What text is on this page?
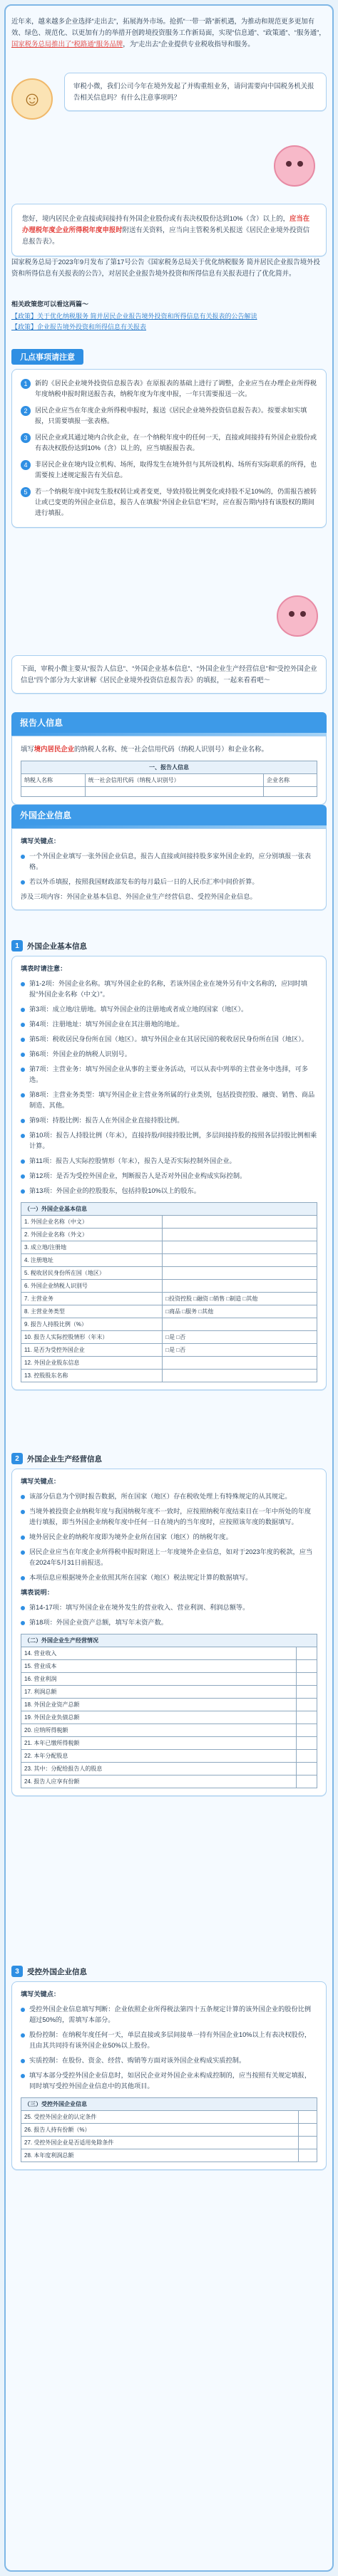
近年来，越来越多企业选择“走出去”，拓展海外市场。抢抓“一带一路”新机遇，为推动和规范更多更加有效、绿色、规范化、以更加有力的举措开创跨境投资服务工作新局面，实现“信息通”、“政策通”、“服务通”，国家税务总局推出了“税路通”服务品牌，为“走出去”企业提供专业税收指导和服务。
☺
审税小微，我们公司今年在境外发起了并购重组业务，请问需要向中国税务机关报告相关信息吗？有什么注意事项吗？
您好，境内居民企业直接或间接持有外国企业股份或有表决权股份达到10%（含）以上的，应当在办理税年度企业所得税年度申报时附送有关资料，应当向主管税务机关报送《居民企业境外投资信息报告表》。
国家税务总局于2023年9月发布了第17号公告《国家税务总局关于优化纳税服务 简并居民企业报告境外投资和所得信息有关报表的公告》，对居民企业报告境外投资和所得信息有关报表进行了优化简并。
相关政策您可以看这两篇～
【政策】关于优化纳税服务 简并居民企业报告境外投资和所得信息有关报表的公告解读
【政策】企业报告境外投资和所得信息有关报表
几点事项请注意
1	新的《居民企业境外投资信息报告表》在原报表的基础上进行了调整，企业应当在办理企业所得税年度纳税申报时附送报告表，纳税年度为年度申报，一年只需要报送一次。
2	居民企业应当在年度企业所得税申报时，报送《居民企业境外投资信息报告表》。按要求如实填报，只需要填报一张表格。
3	居民企业或其通过境内合伙企业，在一个纳税年度中的任何一天，直接或间接持有外国企业股份或有表决权股份达到10%（含）以上的，应当填报报告表。
4	非居民企业在境内设立机构、场所，取得发生在境外但与其所设机构、场所有实际联系的所得，也需要按上述规定报告有关信息。
5	若一个纳税年度中间发生股权转让或者变更，导致持股比例变化或持股不足10%的，仍需报告被转让或已变更的外国企业信息，报告人在填报“外国企业信息”栏时，应在报告期内持有该股权的期间进行填报。
下面，审税小微主要从“报告人信息”、“外国企业基本信息”、“外国企业生产经营信息”和“受控外国企业信息”四个部分为大家讲解《居民企业境外投资信息报告表》的填报，一起来看看吧～
报告人信息
填写境内居民企业的纳税人名称、统一社会信用代码（纳税人识别号）和企业名称。
一、报告人信息		
纳税人名称	统一社会信用代码（纳税人识别号）	企业名称

外国企业信息
填写关键点：
一个外国企业填写一张外国企业信息，报告人直接或间接持股多家外国企业的，应分别填报一张表格。
若以外币填报，按照我国财政部发布的每月最后一日的人民币汇率中间价折算。
涉及三项内容：外国企业基本信息、外国企业生产经营信息、受控外国企业信息。
1	外国企业基本信息
填表时请注意：
第1-2项：外国企业名称。填写外国企业的名称，若该外国企业在境外另有中文名称的，应同时填报“外国企业名称（中文）”。
第3项：成立地/注册地。填写外国企业的注册地或者成立地的国家（地区）。
第4项：注册地址：填写外国企业在其注册地的地址。
第5项：税收居民身份所在国（地区）。填写外国企业在其居民国的税收居民身份所在国（地区）。
第6项：外国企业的纳税人识别号。
第7项：主营业务：填写外国企业从事的主要业务活动，可以从表中列举的主营业务中选择，可多选。
第8项：主营业务类型：填写外国企业主营业务所属的行业类别，包括投资控股、融资、销售、商品制造、其他。
第9项：持股比例：报告人在外国企业直接持股比例。
第10项：报告人持股比例（年末），直接持股/间接持股比例，多层间接持股的按照各层持股比例相乘计算。
第11项：报告人实际控股情形（年末），报告人是否实际控制外国企业。
第12项：是否为受控外国企业，判断报告人是否对外国企业构成实际控制。
第13项：外国企业的控股股东，包括持股10%以上的股东。
（一）外国企业基本信息	
1. 外国企业名称（中文）	
2. 外国企业名称（外文）	
3. 成立地/注册地	
4. 注册地址	
5. 税收居民身份所在国（地区）	
6. 外国企业纳税人识别号	
7. 主营业务	□投资控股 □融资 □销售 □制造 □其他
8. 主营业务类型	□商品 □服务 □其他
9. 报告人持股比例（%）	
10. 报告人实际控股情形（年末）	□是 □否
11. 是否为受控外国企业	□是 □否
12. 外国企业股东信息	
13. 控股股东名称	
2	外国企业生产经营信息
填写关键点：
该部分信息为个别时报告数据，所在国家（地区）存在税收处理上有特殊规定的从其规定。
当境外被投资企业纳税年度与我国纳税年度不一致时，应按照纳税年度结束日在一年中所处的年度进行填报，即当外国企业纳税年度中任何一日在境内的当年度时，应按照该年度的数据填写。
境外居民企业的纳税年度即为境外企业所在国家（地区）的纳税年度。
居民企业应当在年度企业所得税申报时附送上一年度境外企业信息，如对于2023年度的税款，应当在2024年5月31日前报送。
本项信息应根据境外企业依照其所在国家（地区）税法规定计算的数据填写。
填表说明：
第14-17项：填写外国企业在境外发生的营业收入、营业利润、利润总额等。
第18项：外国企业资产总额，填写年末资产数。
（二）外国企业生产经营情况	
14. 营业收入	
15. 营业成本	
16. 营业利润	
17. 利润总额	
18. 外国企业资产总额	
19. 外国企业负债总额	
20. 应纳所得税额	
21. 本年已缴所得税额	
22. 本年分配股息	
23. 其中：分配给报告人的股息	
24. 报告人应享有份额	
3	受控外国企业信息
填写关键点：
受控外国企业信息填写判断：企业依照企业所得税法第四十五条规定计算的该外国企业的股份比例超过50%的，需填写本部分。
股份控制：在纳税年度任何一天，单层直接或多层间接单一持有外国企业10%以上有表决权股份，且由其共同持有该外国企业50%以上股份。
实质控制：在股份、资金、经营、购销等方面对该外国企业构成实质控制。
填写本部分受控外国企业信息时，如居民企业对外国企业未构成控制的，应当按照有关规定填报，同时填写受控外国企业信息中的其他项目。
（三）受控外国企业信息	
25. 受控外国企业的认定条件	
26. 报告人持有份额（%）	
27. 受控外国企业是否适用免除条件	
28. 本年度利润总额	
